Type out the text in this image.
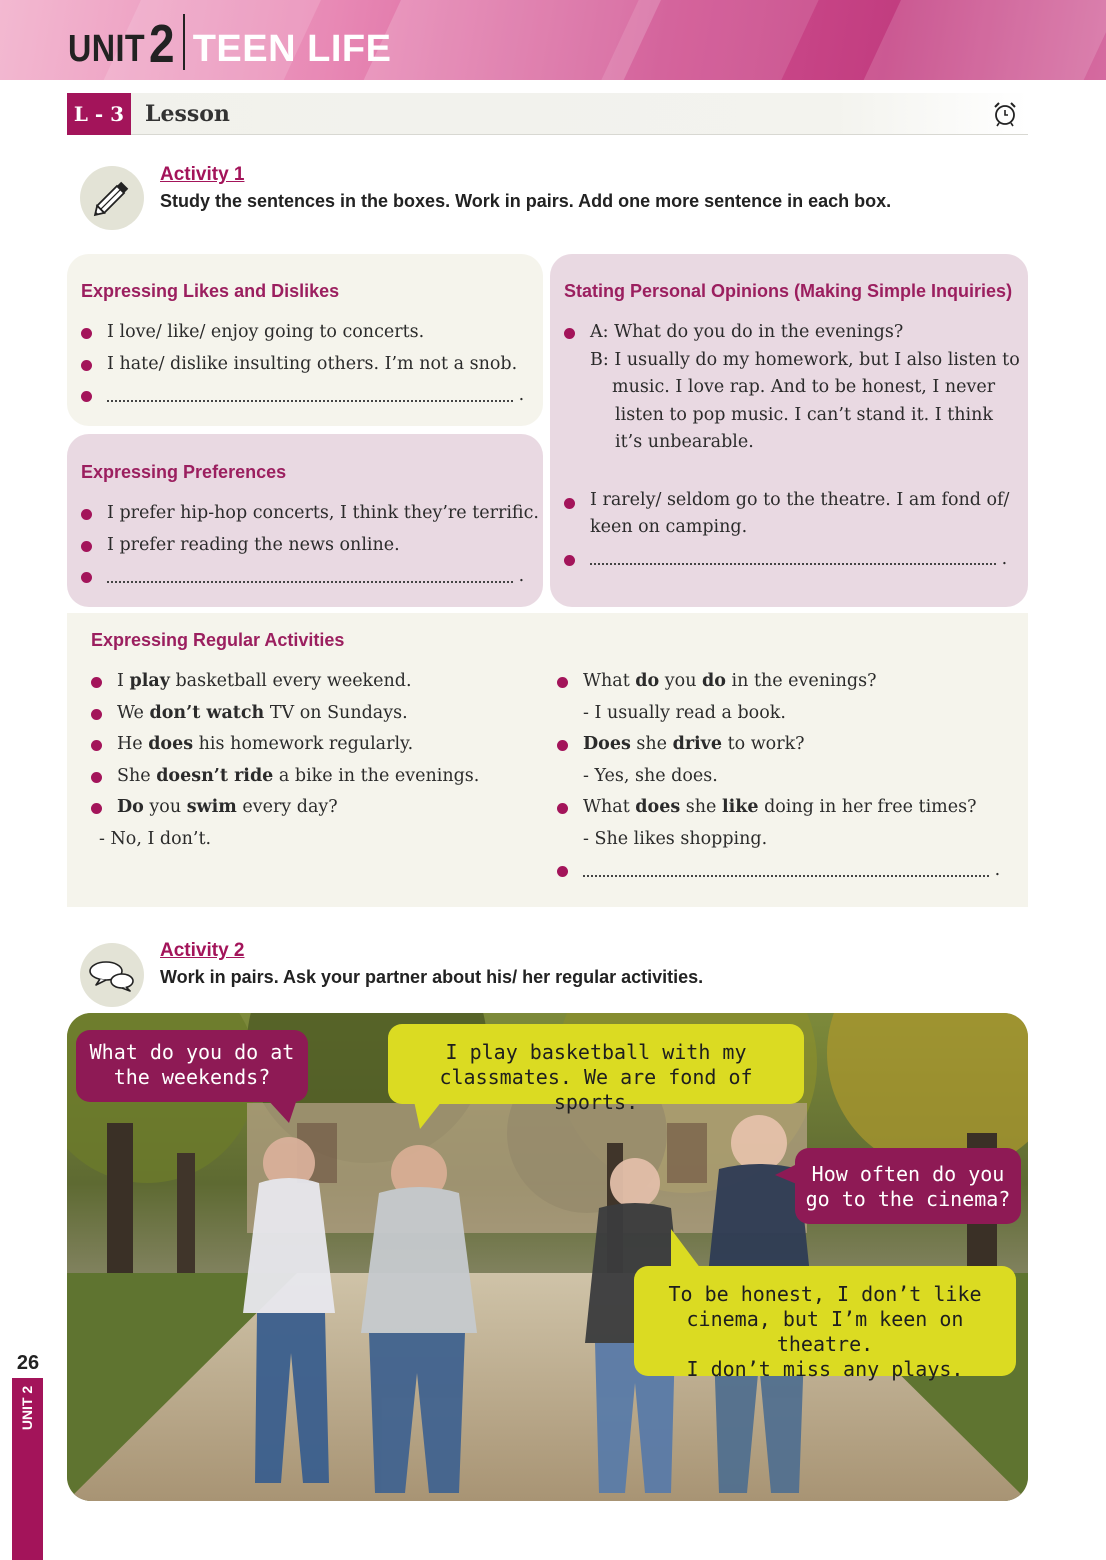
UNIT 2 TEEN LIFE
L - 3 Lesson
Activity 1
Study the sentences in the boxes. Work in pairs. Add one more sentence in each box.
Expressing Likes and Dislikes
I love/ like/ enjoy going to concerts.
I hate/ dislike insulting others. I’m not a snob.
.
Expressing Preferences
I prefer hip-hop concerts, I think they’re terrific.
I prefer reading the news online.
.
Stating Personal Opinions (Making Simple Inquiries)
A: What do you do in the evenings?
B: I usually do my homework, but I also listen to
music. I love rap. And to be honest, I never
listen to pop music. I can’t stand it. I think
it’s unbearable.
I rarely/ seldom go to the theatre. I am fond of/
keen on camping.
.
Expressing Regular Activities
I play basketball every weekend.
We don’t watch TV on Sundays.
He does his homework regularly.
She doesn’t ride a bike in the evenings.
Do you swim every day?
- No, I don’t.
What do you do in the evenings?
- I usually read a book.
Does she drive to work?
- Yes, she does.
What does she like doing in her free times?
- She likes shopping.
.
Activity 2
Work in pairs. Ask your partner about his/ her regular activities.
What do you do at
the weekends?
I play basketball with my
classmates. We are fond of sports.
How often do you
go to the cinema?
To be honest, I don’t like
cinema, but I’m keen on theatre.
I don’t miss any plays.
26
UNIT 2
